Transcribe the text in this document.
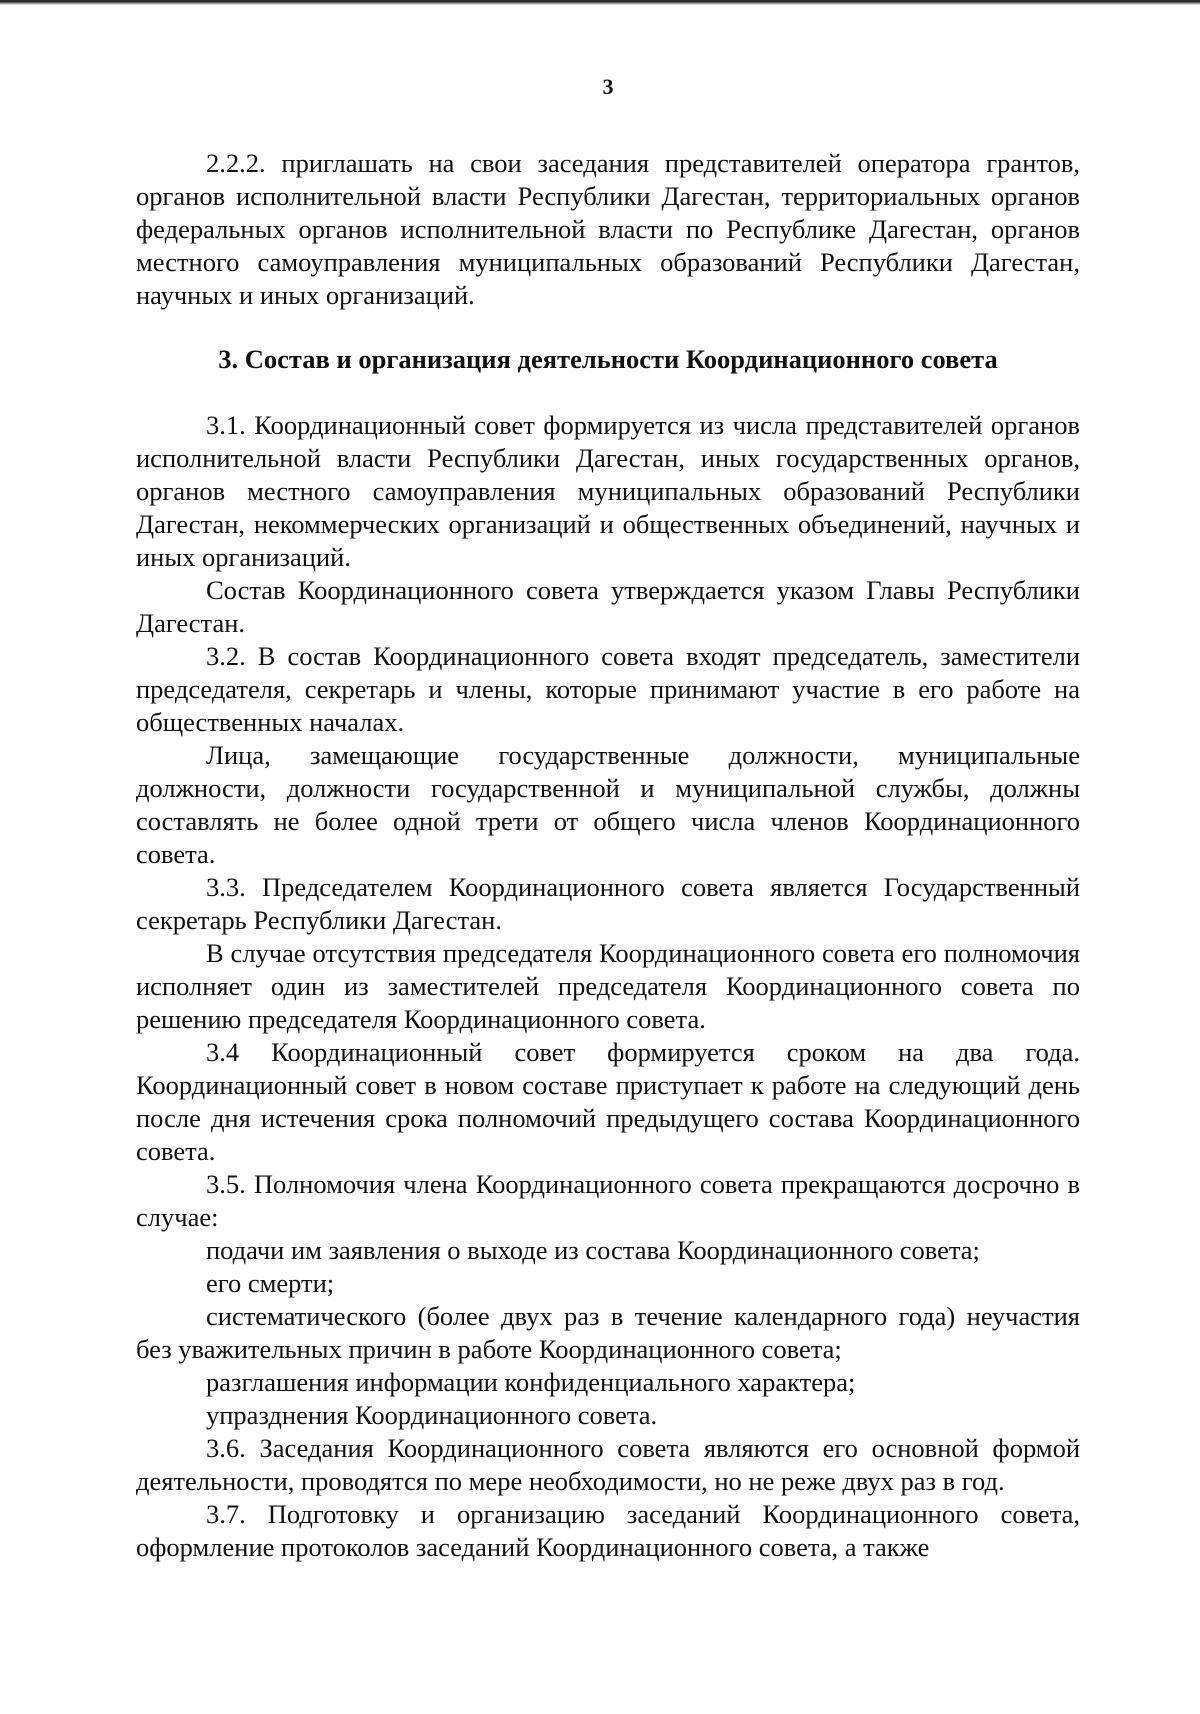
3

2.2.2. приглашать на свои заседания представителей оператора грантов, органов исполнительной власти Республики Дагестан, территориальных органов федеральных органов исполнительной власти по Республике Дагестан, органов местного самоуправления муниципальных образований Республики Дагестан, научных и иных организаций.

3. Состав и организация деятельности Координационного совета

3.1. Координационный совет формируется из числа представителей органов исполнительной власти Республики Дагестан, иных государственных органов, органов местного самоуправления муниципальных образований Республики Дагестан, некоммерческих организаций и общественных объединений, научных и иных организаций.

Состав Координационного совета утверждается указом Главы Республики Дагестан.

3.2. В состав Координационного совета входят председатель, заместители председателя, секретарь и члены, которые принимают участие в его работе на общественных началах.

Лица, замещающие государственные должности, муниципальные должности, должности государственной и муниципальной службы, должны составлять не более одной трети от общего числа членов Координационного совета.

3.3. Председателем Координационного совета является Государственный секретарь Республики Дагестан.

В случае отсутствия председателя Координационного совета его полномочия исполняет один из заместителей председателя Координационного совета по решению председателя Координационного совета.

3.4 Координационный совет формируется сроком на два года. Координационный совет в новом составе приступает к работе на следующий день после дня истечения срока полномочий предыдущего состава Координационного совета.

3.5. Полномочия члена Координационного совета прекращаются досрочно в случае:

подачи им заявления о выходе из состава Координационного совета;

его смерти;

систематического (более двух раз в течение календарного года) неучастия без уважительных причин в работе Координационного совета;

разглашения информации конфиденциального характера;

упразднения Координационного совета.

3.6. Заседания Координационного совета являются его основной формой деятельности, проводятся по мере необходимости, но не реже двух раз в год.

3.7. Подготовку и организацию заседаний Координационного совета, оформление протоколов заседаний Координационного совета, а также
